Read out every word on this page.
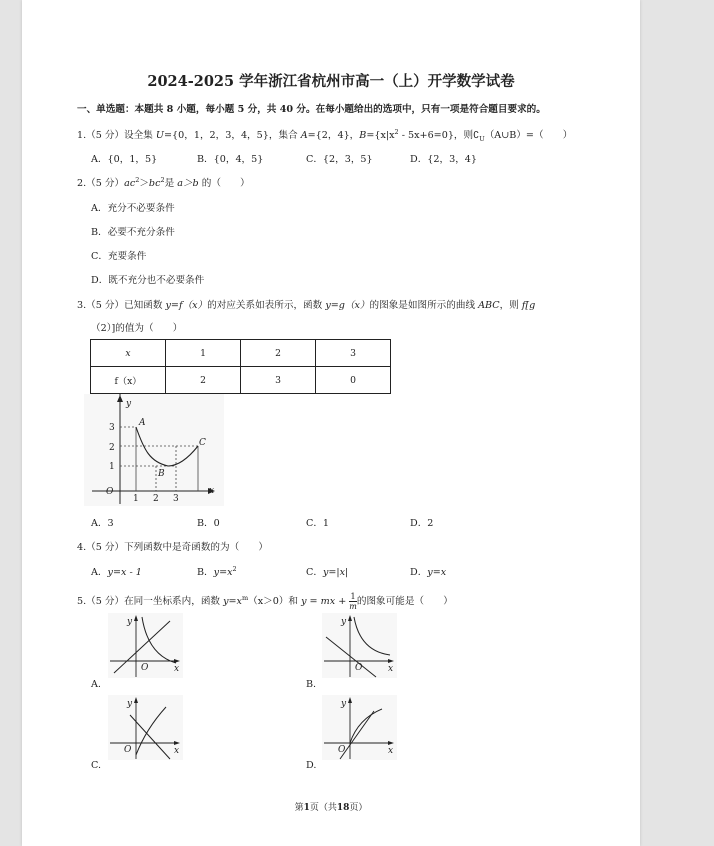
2024-2025 学年浙江省杭州市高一（上）开学数学试卷
一、单选题：本题共 8 小题，每小题 5 分，共 40 分。在每小题给出的选项中，只有一项是符合题目要求的。
1.（5 分）设全集 U={0，1，2，3，4，5}，集合 A={2，4}，$B=\{x|x^2 - 5x+6=0\}$，则$∁_U(A\cup B)=$（　　）
A．{0，1，5}	B．{0，4，5}	C．{2，3，5}	D．{2，3，4}
2.（5 分）$ac^2>bc^2$是 a＞b 的（　　）
A．充分不必要条件
B．必要不充分条件
C．充要条件
D．既不充分也不必要条件
3.（5 分）已知函数 y=f（x）的对应关系如表所示，函数 y=g（x）的图象是如图所示的曲线 ABC，则 f[g
（2）]的值为（　　）
x	1	2	3
f（x）	2	3	0
y
x
O
3
2
1
1 2 3
A
B
C
A．3	B．0	C．1	D．2
4.（5 分）下列函数中是奇函数的为（　　）
A．y=x - 1	B．$y=x^2$	C．y=|x|	D．y=x
5.（5 分）在同一坐标系内，函数 $y=x^m(x>0)$和 y = mx + $\frac{1}{m}$ 的图象可能是（　　）
y
x
O
A.
y
x
O
B.
y
x
O
C.
y
x
O
D.
第1页（共18页）
